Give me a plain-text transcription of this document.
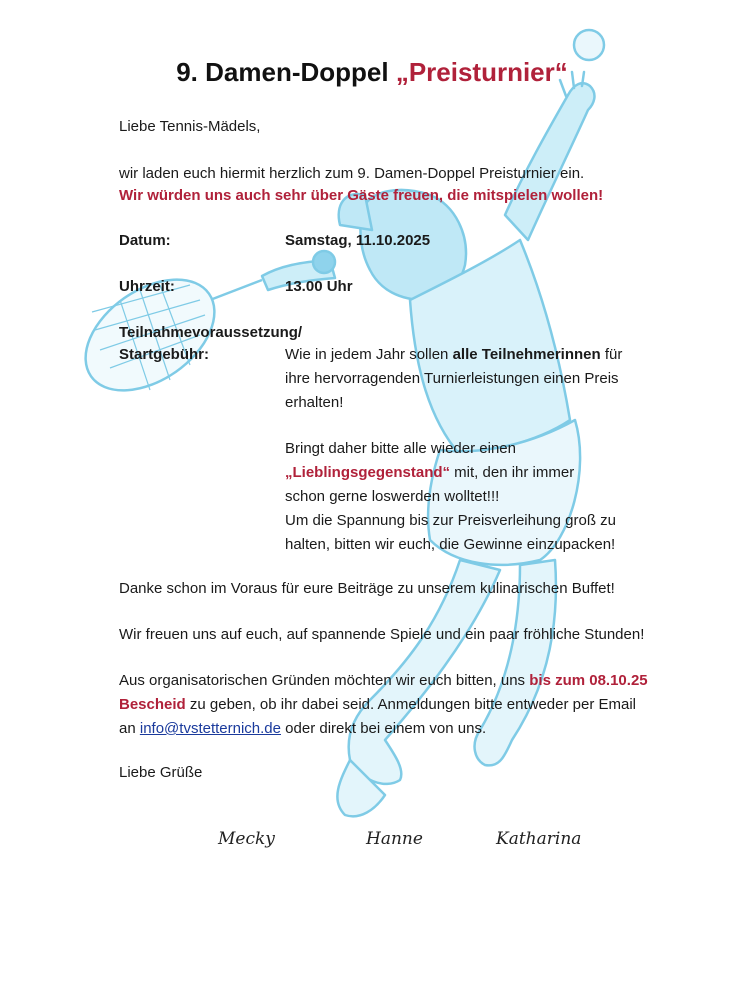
9. Damen-Doppel „Preisturnier“
Liebe Tennis-Mädels,
wir laden euch hiermit herzlich zum 9. Damen-Doppel Preisturnier ein.
Wir würden uns auch sehr über Gäste freuen, die mitspielen wollen!
Datum:	Samstag, 11.10.2025
Uhrzeit:	13.00 Uhr
Teilnahmevoraussetzung/
Startgebühr:	Wie in jedem Jahr sollen alle Teilnehmerinnen für
ihre hervorragenden Turnierleistungen einen Preis
erhalten!
Bringt daher bitte alle wieder einen
„Lieblingsgegenstand“ mit, den ihr immer
schon gerne loswerden wolltet!!!
Um die Spannung bis zur Preisverleihung groß zu
halten, bitten wir euch, die Gewinne einzupacken!
Danke schon im Voraus für eure Beiträge zu unserem kulinarischen Buffet!
Wir freuen uns auf euch, auf spannende Spiele und ein paar fröhliche Stunden!
Aus organisatorischen Gründen möchten wir euch bitten, uns bis zum 08.10.25
Bescheid zu geben, ob ihr dabei seid. Anmeldungen bitte entweder per Email
an info@tvstetternich.de oder direkt bei einem von uns.
Liebe Grüße
Mecky	Hanne	Katharina
